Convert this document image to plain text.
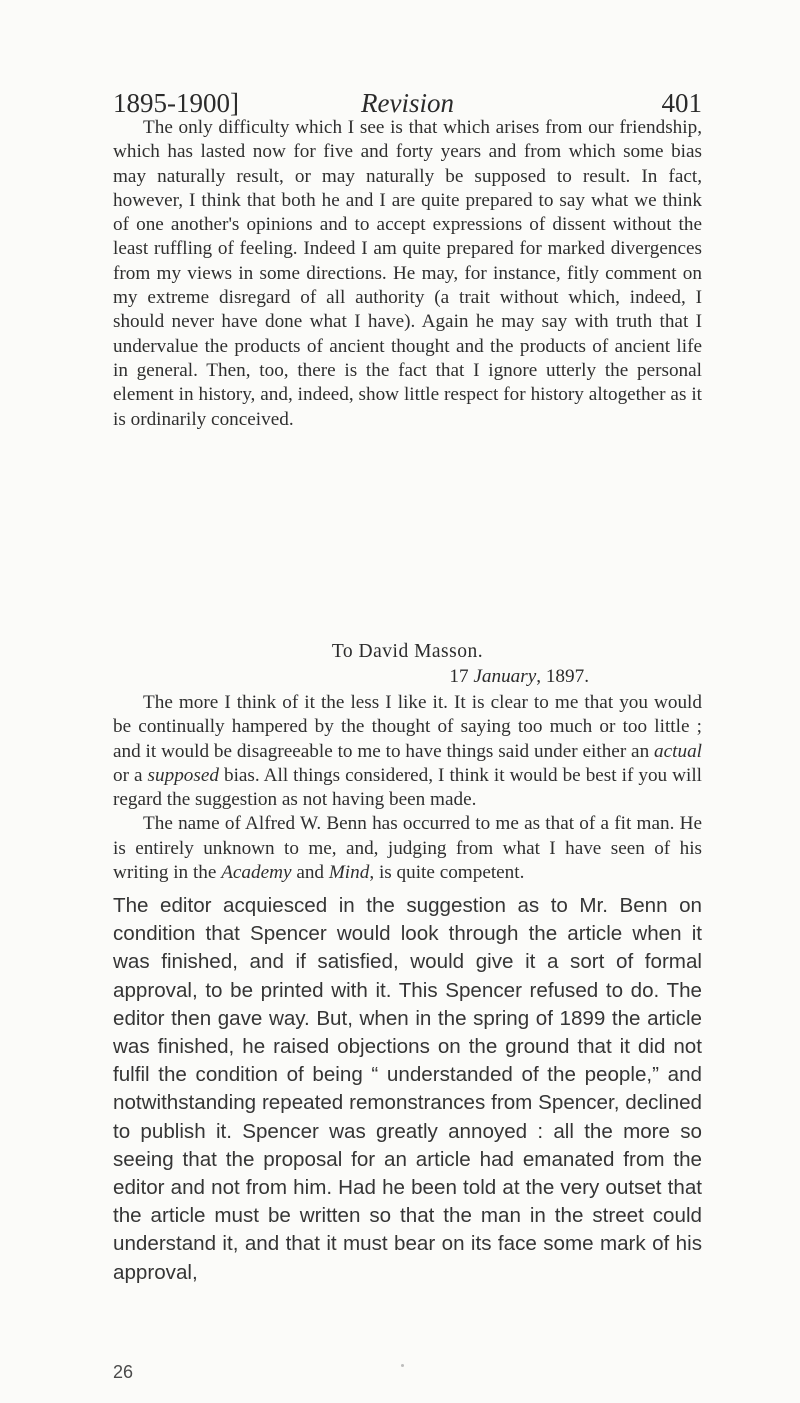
1895-1900]	Revision	401

The only difficulty which I see is that which arises from our friendship, which has lasted now for five and forty years and from which some bias may naturally result, or may naturally be supposed to result. In fact, however, I think that both he and I are quite prepared to say what we think of one another's opinions and to accept expressions of dissent without the least ruffling of feeling. Indeed I am quite prepared for marked divergences from my views in some directions. He may, for instance, fitly comment on my extreme disregard of all authority (a trait without which, indeed, I should never have done what I have). Again he may say with truth that I undervalue the products of ancient thought and the products of ancient life in general. Then, too, there is the fact that I ignore utterly the personal element in history, and, indeed, show little respect for history altogether as it is ordinarily conceived.

To David Masson.
17 January, 1897.

The more I think of it the less I like it. It is clear to me that you would be continually hampered by the thought of saying too much or too little ; and it would be disagreeable to me to have things said under either an actual or a supposed bias. All things considered, I think it would be best if you will regard the suggestion as not having been made.

The name of Alfred W. Benn has occurred to me as that of a fit man. He is entirely unknown to me, and, judging from what I have seen of his writing in the Academy and Mind, is quite competent.

The editor acquiesced in the suggestion as to Mr. Benn on condition that Spencer would look through the article when it was finished, and if satisfied, would give it a sort of formal approval, to be printed with it. This Spencer refused to do. The editor then gave way. But, when in the spring of 1899 the article was finished, he raised objections on the ground that it did not fulfil the condition of being “ understanded of the people,” and notwithstanding repeated remonstrances from Spencer, declined to publish it. Spencer was greatly annoyed : all the more so seeing that the proposal for an article had emanated from the editor and not from him. Had he been told at the very outset that the article must be written so that the man in the street could understand it, and that it must bear on its face some mark of his approval,

26
